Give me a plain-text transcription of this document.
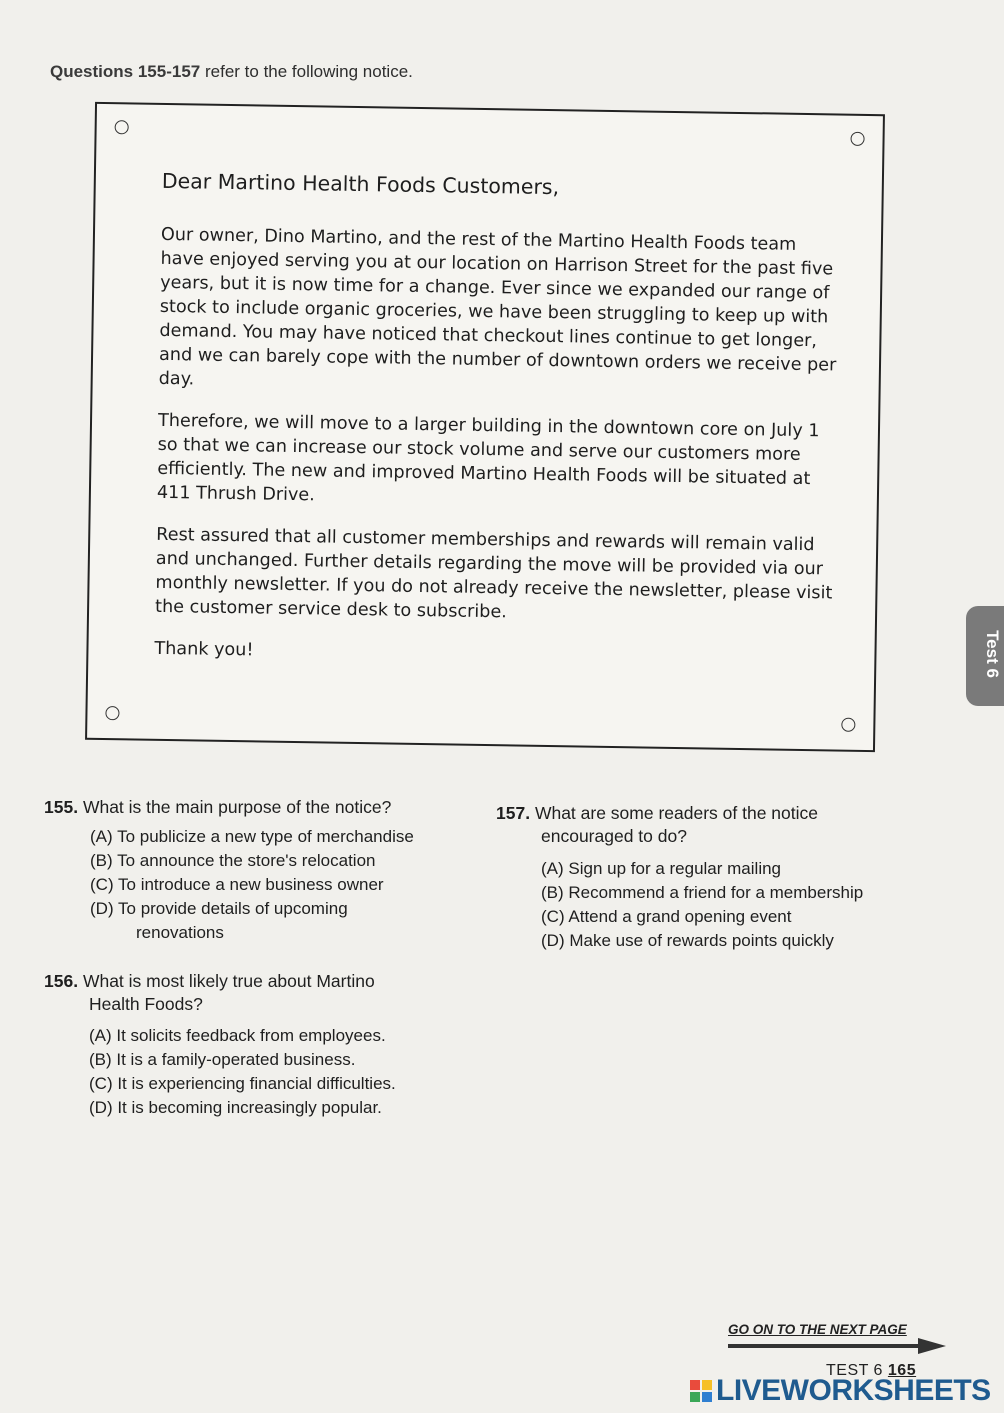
Questions 155-157 refer to the following notice.

Dear Martino Health Foods Customers,

Our owner, Dino Martino, and the rest of the Martino Health Foods team have enjoyed serving you at our location on Harrison Street for the past five years, but it is now time for a change. Ever since we expanded our range of stock to include organic groceries, we have been struggling to keep up with demand. You may have noticed that checkout lines continue to get longer, and we can barely cope with the number of downtown orders we receive per day.

Therefore, we will move to a larger building in the downtown core on July 1 so that we can increase our stock volume and serve our customers more efficiently. The new and improved Martino Health Foods will be situated at 411 Thrush Drive.

Rest assured that all customer memberships and rewards will remain valid and unchanged. Further details regarding the move will be provided via our monthly newsletter. If you do not already receive the newsletter, please visit the customer service desk to subscribe.

Thank you!

155. What is the main purpose of the notice?
(A) To publicize a new type of merchandise
(B) To announce the store's relocation
(C) To introduce a new business owner
(D) To provide details of upcoming
renovations
156. What is most likely true about Martino
Health Foods?
(A) It solicits feedback from employees.
(B) It is a family-operated business.
(C) It is experiencing financial difficulties.
(D) It is becoming increasingly popular.
157. What are some readers of the notice
encouraged to do?
(A) Sign up for a regular mailing
(B) Recommend a friend for a membership
(C) Attend a grand opening event
(D) Make use of rewards points quickly
Test 6
GO ON TO THE NEXT PAGE
TEST 6 165
LIVEWORKSHEETS
